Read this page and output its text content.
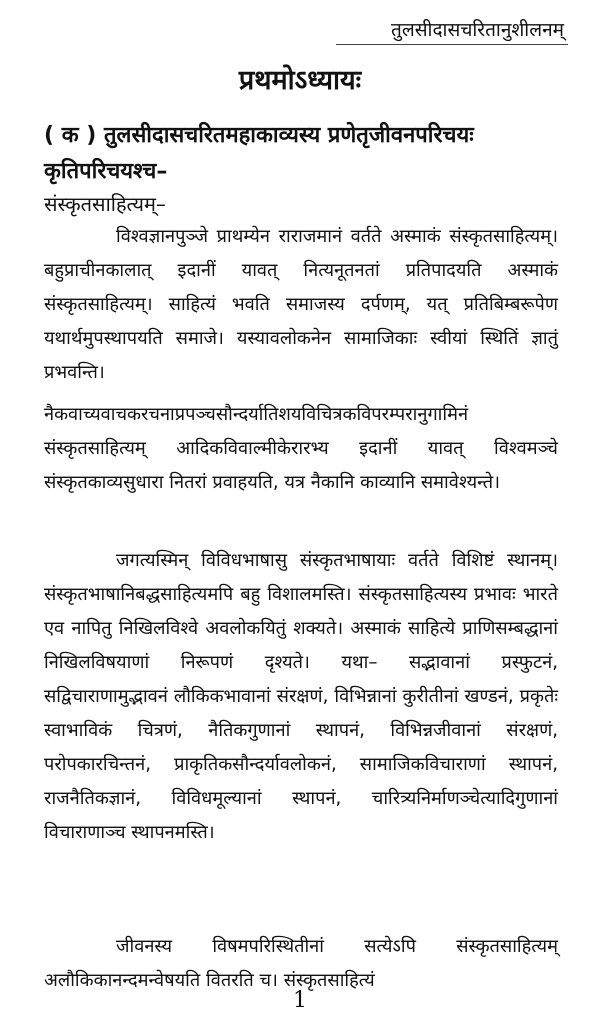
तुलसीदासचरितानुशीलनम्
प्रथमोऽध्यायः
( क ) तुलसीदासचरितमहाकाव्यस्य प्रणेतृजीवनपरिचयः कृतिपरिचयश्च–
संस्कृतसाहित्यम्–

विश्वज्ञानपुञ्जे प्राथम्येन राराजमानं वर्तते अस्माकं संस्कृतसाहित्यम्। बहुप्राचीनकालात् इदानीं यावत् नित्यनूतनतां प्रतिपादयति अस्माकं संस्कृतसाहित्यम्। साहित्यं भवति समाजस्य दर्पणम्, यत् प्रतिबिम्बरूपेण यथार्थमुपस्थापयति समाजे। यस्यावलोकनेन सामाजिकाः स्वीयां स्थितिं ज्ञातुं प्रभवन्ति।

नैकवाच्यवाचकरचनाप्रपञ्चसौन्दर्यातिशयविचित्रकविपरम्परानुगामिनं संस्कृतसाहित्यम् आदिकविवाल्मीकेरारभ्य इदानीं यावत् विश्वमञ्चे संस्कृतकाव्यसुधारा नितरां प्रवाहयति, यत्र नैकानि काव्यानि समावेश्यन्ते।

जगत्यस्मिन् विविधभाषासु संस्कृतभाषायाः वर्तते विशिष्टं स्थानम्। संस्कृतभाषानिबद्धसाहित्यमपि बहु विशालमस्ति। संस्कृतसाहित्यस्य प्रभावः भारते एव नापितु निखिलविश्वे अवलोकयितुं शक्यते। अस्माकं साहित्ये प्राणिसम्बद्धानां निखिलविषयाणां निरूपणं दृश्यते। यथा– सद्भावानां प्रस्फुटनं, सद्विचाराणामुद्भावनं लौकिकभावानां संरक्षणं, विभिन्नानां कुरीतीनां खण्डनं, प्रकृतेः स्वाभाविकं चित्रणं, नैतिकगुणानां स्थापनं, विभिन्नजीवानां संरक्षणं, परोपकारचिन्तनं, प्राकृतिकसौन्दर्यावलोकनं, सामाजिकविचाराणां स्थापनं, राजनैतिकज्ञानं, विविधमूल्यानां स्थापनं, चारित्र्यनिर्माणञ्चेत्यादिगुणानां विचाराणाञ्च स्थापनमस्ति।

जीवनस्य विषमपरिस्थितीनां सत्येऽपि संस्कृतसाहित्यम् अलौकिकानन्दमन्वेषयति वितरति च। संस्कृतसाहित्यं

1
